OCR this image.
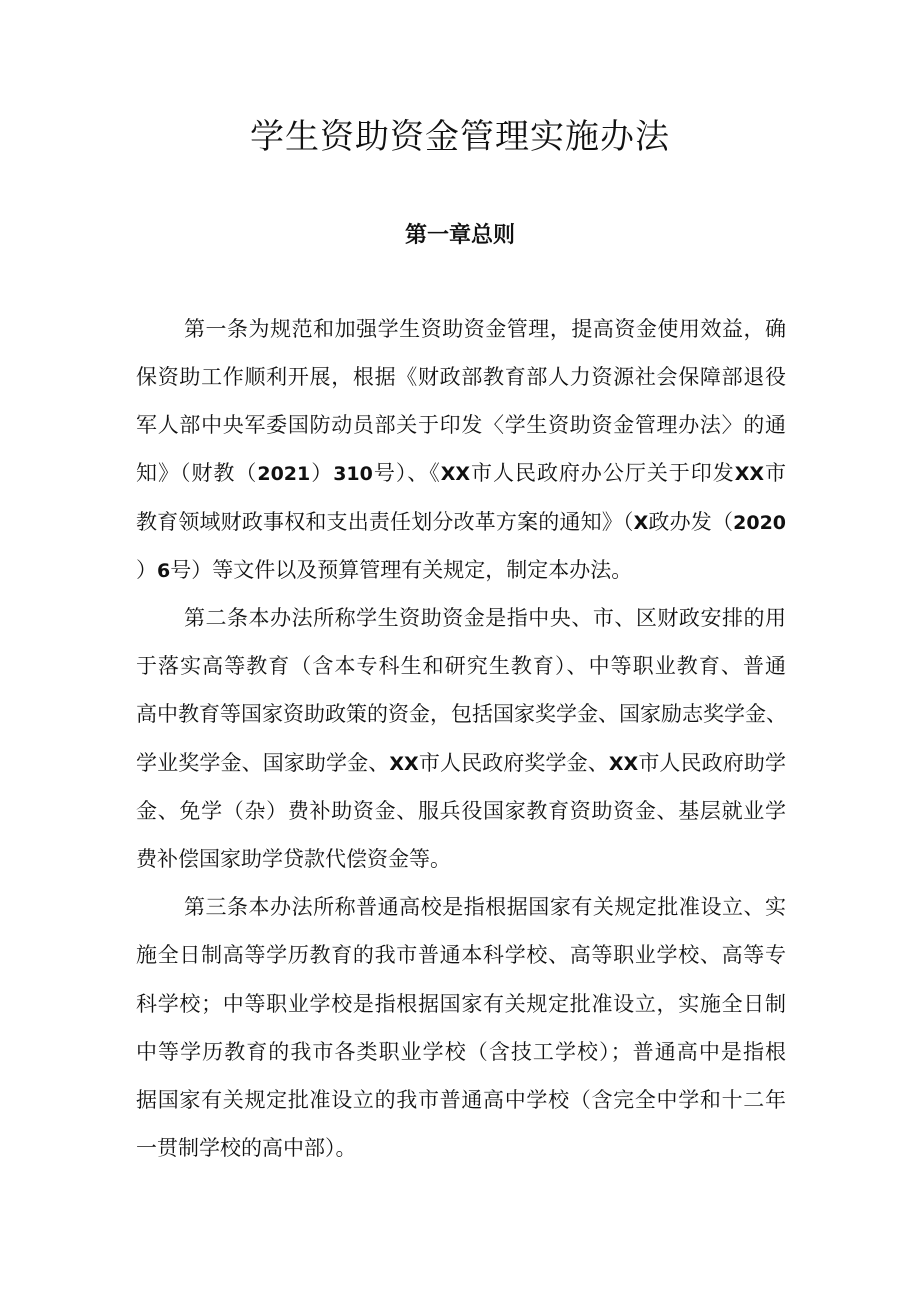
学生资助资金管理实施办法
第一章总则
第一条为规范和加强学生资助资金管理，提高资金使用效益，确
保资助工作顺利开展，根据《财政部教育部人力资源社会保障部退役
军人部中央军委国防动员部关于印发〈学生资助资金管理办法〉的通
知》（财教（2021）310号）、《XX市人民政府办公厅关于印发XX市
教育领域财政事权和支出责任划分改革方案的通知》（X政办发（2020
）6号）等文件以及预算管理有关规定，制定本办法。
第二条本办法所称学生资助资金是指中央、市、区财政安排的用
于落实高等教育（含本专科生和研究生教育）、中等职业教育、普通
高中教育等国家资助政策的资金，包括国家奖学金、国家励志奖学金、
学业奖学金、国家助学金、XX市人民政府奖学金、XX市人民政府助学
金、免学（杂）费补助资金、服兵役国家教育资助资金、基层就业学
费补偿国家助学贷款代偿资金等。
第三条本办法所称普通高校是指根据国家有关规定批准设立、实
施全日制高等学历教育的我市普通本科学校、高等职业学校、高等专
科学校；中等职业学校是指根据国家有关规定批准设立，实施全日制
中等学历教育的我市各类职业学校（含技工学校）；普通高中是指根
据国家有关规定批准设立的我市普通高中学校（含完全中学和十二年
一贯制学校的高中部）。
